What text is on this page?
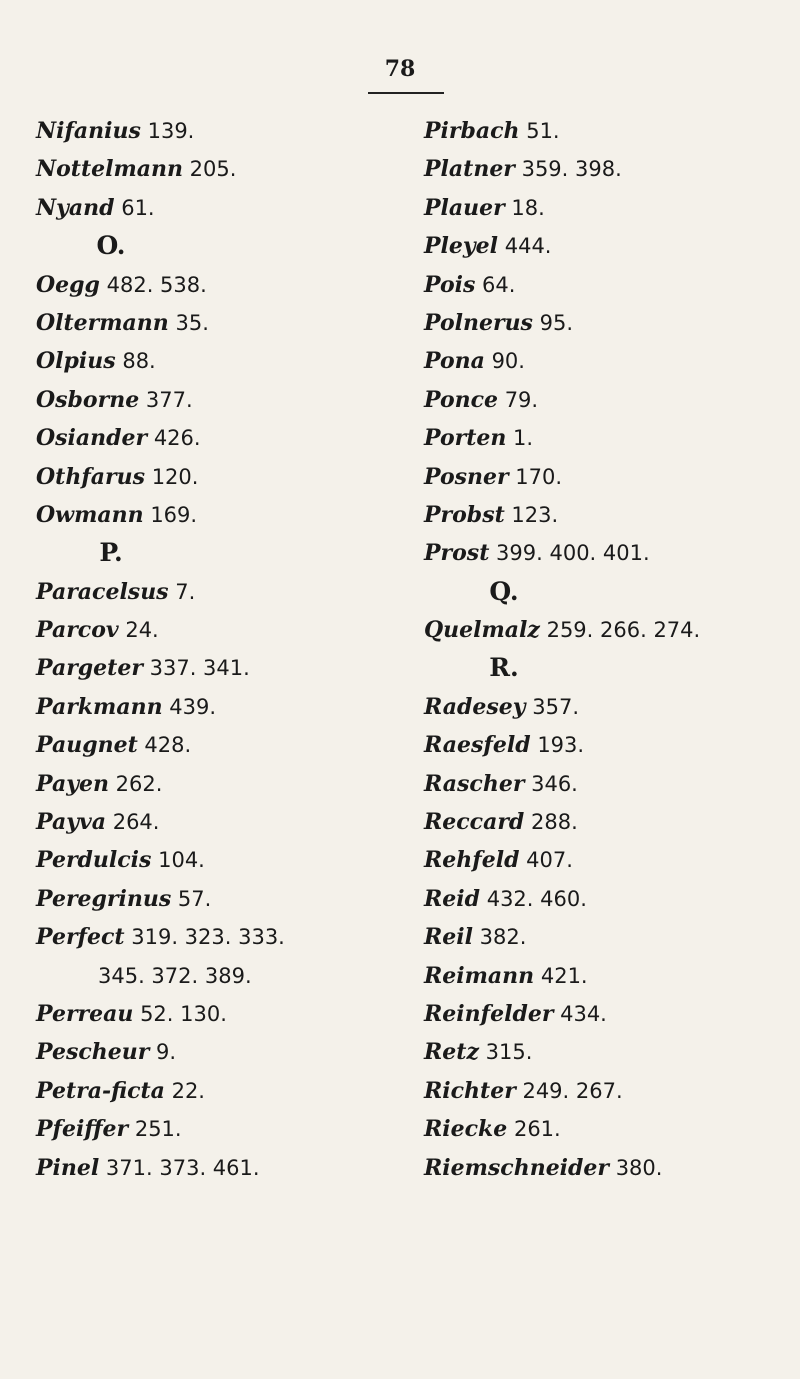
78
Nifanius 139.
Nottelmann 205.
Nyand 61.
O.
Oegg 482. 538.
Oltermann 35.
Olpius 88.
Osborne 377.
Osiander 426.
Othfarus 120.
Owmann 169.
P.
Paracelsus 7.
Parcov 24.
Pargeter 337. 341.
Parkmann 439.
Paugnet 428.
Payen 262.
Payva 264.
Perdulcis 104.
Peregrinus 57.
Perfect 319. 323. 333.
345. 372. 389.
Perreau 52. 130.
Pescheur 9.
Petra-ficta 22.
Pfeiffer 251.
Pinel 371. 373. 461.
Pirbach 51.
Platner 359. 398.
Plauer 18.
Pleyel 444.
Pois 64.
Polnerus 95.
Pona 90.
Ponce 79.
Porten 1.
Posner 170.
Probst 123.
Prost 399. 400. 401.
Q.
Quelmalz 259. 266. 274.
R.
Radesey 357.
Raesfeld 193.
Rascher 346.
Reccard 288.
Rehfeld 407.
Reid 432. 460.
Reil 382.
Reimann 421.
Reinfelder 434.
Retz 315.
Richter 249. 267.
Riecke 261.
Riemschneider 380.
